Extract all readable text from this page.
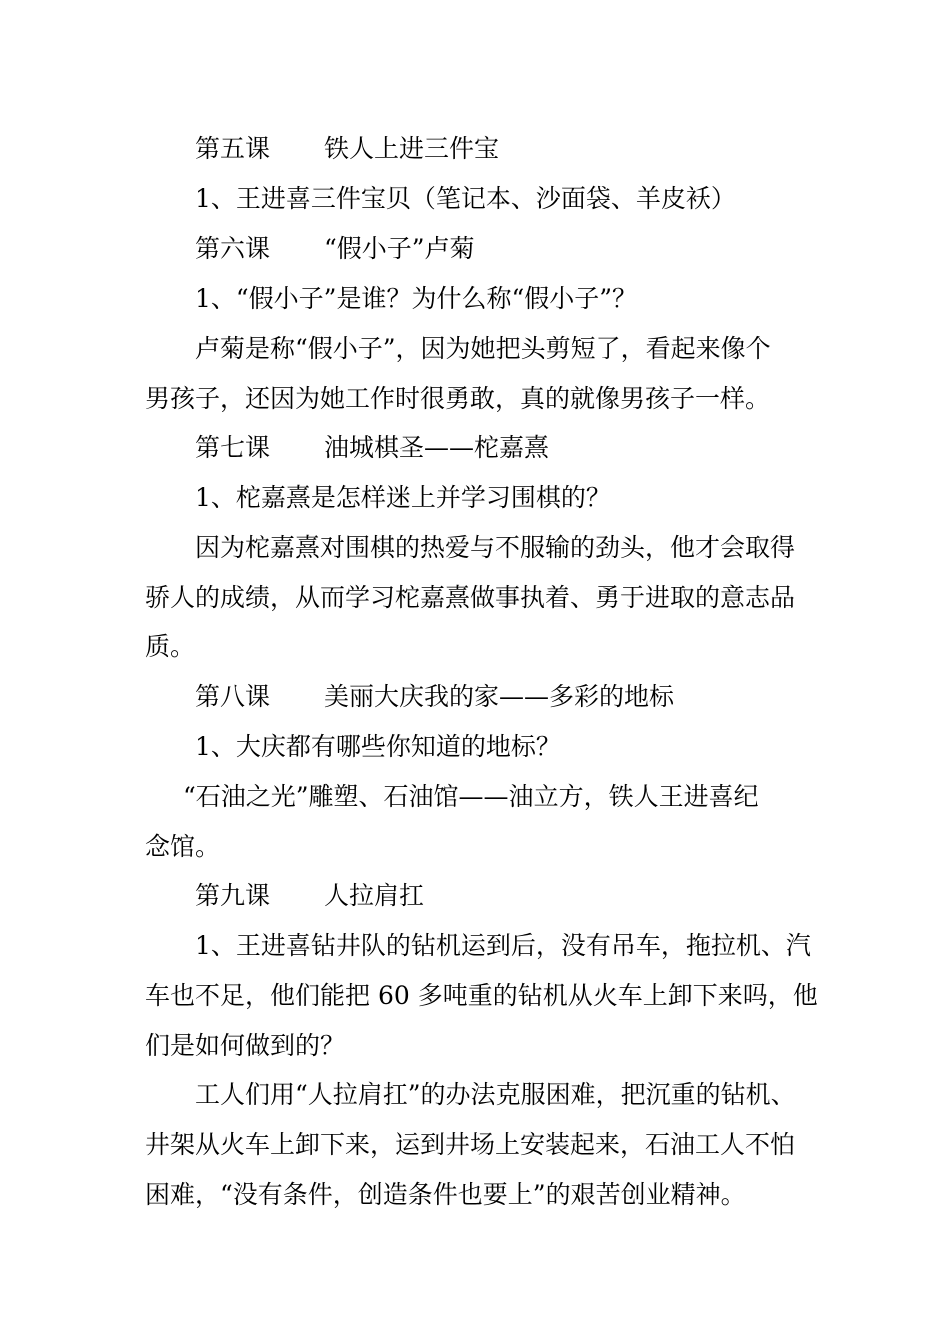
第五课 铁人上进三件宝
1、王进喜三件宝贝（笔记本、沙面袋、羊皮袄）
第六课 “假小子”卢菊
1、“假小子”是谁？为什么称“假小子”？
卢菊是称“假小子”，因为她把头剪短了，看起来像个
男孩子，还因为她工作时很勇敢，真的就像男孩子一样。
第七课 油城棋圣——柁嘉熹
1、柁嘉熹是怎样迷上并学习围棋的？
因为柁嘉熹对围棋的热爱与不服输的劲头，他才会取得
骄人的成绩，从而学习柁嘉熹做事执着、勇于进取的意志品
质。
第八课 美丽大庆我的家——多彩的地标
1、大庆都有哪些你知道的地标？
“石油之光”雕塑、石油馆——油立方，铁人王进喜纪
念馆。
第九课 人拉肩扛
1、王进喜钻井队的钻机运到后，没有吊车，拖拉机、汽
车也不足，他们能把 60 多吨重的钻机从火车上卸下来吗，他
们是如何做到的？
工人们用“人拉肩扛”的办法克服困难，把沉重的钻机、
井架从火车上卸下来，运到井场上安装起来，石油工人不怕
困难，“没有条件，创造条件也要上”的艰苦创业精神。
